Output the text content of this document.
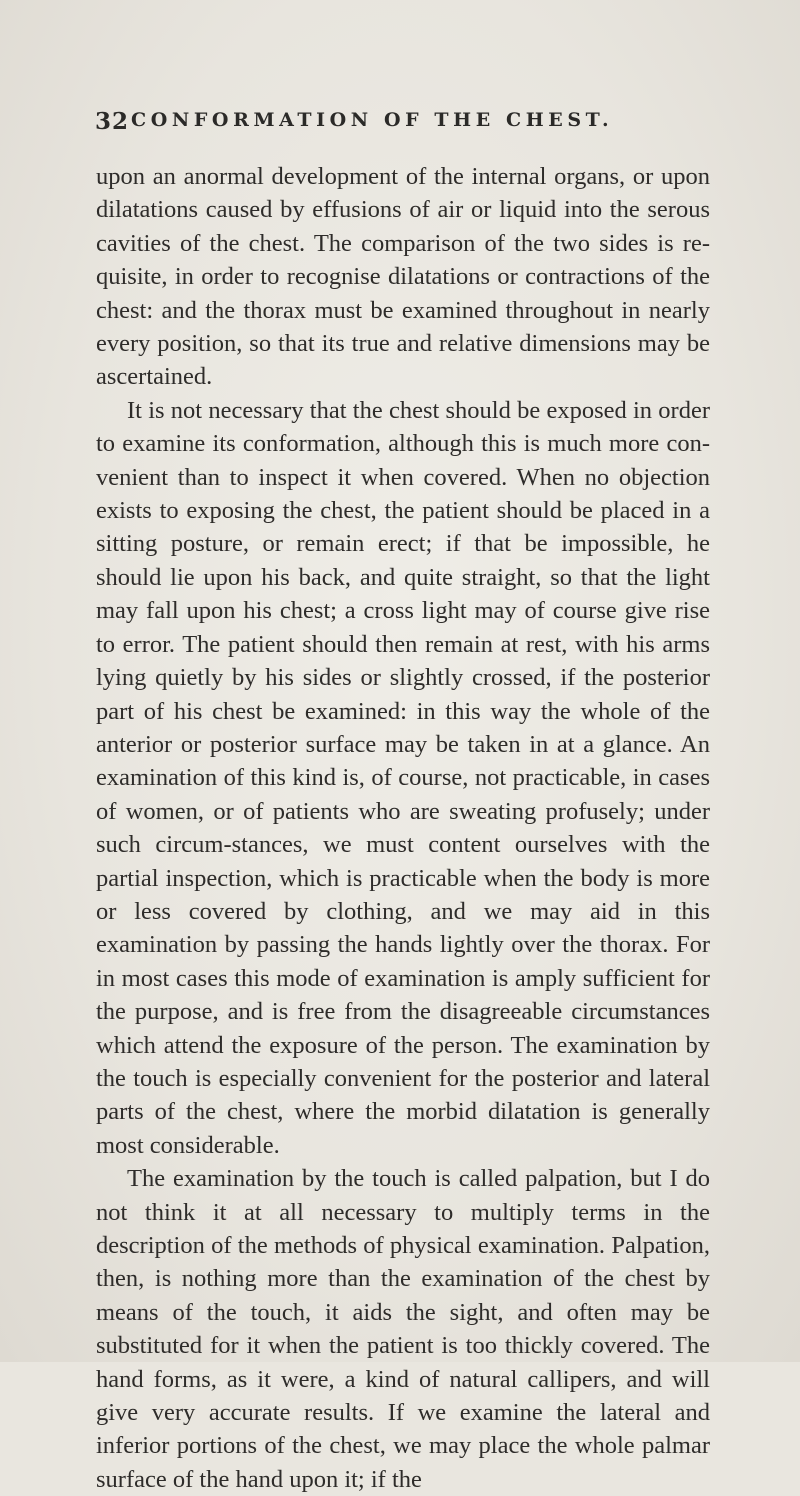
32 CONFORMATION OF THE CHEST.

upon an anormal development of the internal organs, or upon dilatations caused by effusions of air or liquid into the serous cavities of the chest. The comparison of the two sides is re-quisite, in order to recognise dilatations or contractions of the chest: and the thorax must be examined throughout in nearly every position, so that its true and relative dimensions may be ascertained.

It is not necessary that the chest should be exposed in order to examine its conformation, although this is much more con-venient than to inspect it when covered. When no objection exists to exposing the chest, the patient should be placed in a sitting posture, or remain erect; if that be impossible, he should lie upon his back, and quite straight, so that the light may fall upon his chest; a cross light may of course give rise to error. The patient should then remain at rest, with his arms lying quietly by his sides or slightly crossed, if the posterior part of his chest be examined: in this way the whole of the anterior or posterior surface may be taken in at a glance. An examination of this kind is, of course, not practicable, in cases of women, or of patients who are sweating profusely; under such circum-stances, we must content ourselves with the partial inspection, which is practicable when the body is more or less covered by clothing, and we may aid in this examination by passing the hands lightly over the thorax. For in most cases this mode of examination is amply sufficient for the purpose, and is free from the disagreeable circumstances which attend the exposure of the person. The examination by the touch is especially convenient for the posterior and lateral parts of the chest, where the morbid dilatation is generally most considerable.

The examination by the touch is called palpation, but I do not think it at all necessary to multiply terms in the description of the methods of physical examination. Palpation, then, is nothing more than the examination of the chest by means of the touch, it aids the sight, and often may be substituted for it when the patient is too thickly covered. The hand forms, as it were, a kind of natural callipers, and will give very accurate results. If we examine the lateral and inferior portions of the chest, we may place the whole palmar surface of the hand upon it; if the
